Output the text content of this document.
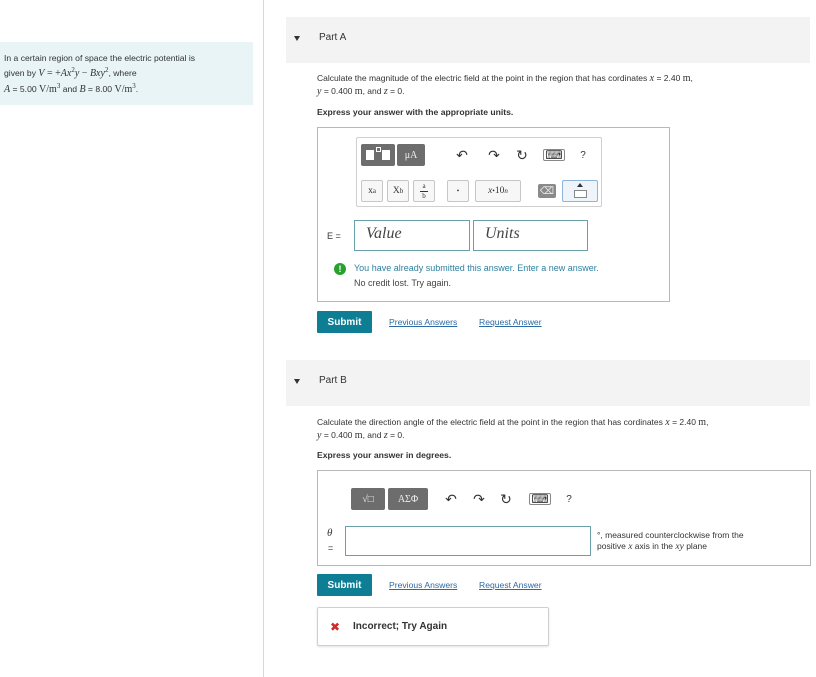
In a certain region of space the electric potential is
given by $V = +Ax^2y - Bxy^2$, where
A = 5.00 $V/m^3$ and B = 8.00 $V/m^3$.
Part A
Calculate the magnitude of the electric field at the point in the region that has cordinates x = 2.40 m,
y = 0.400 m, and z = 0.
Express your answer with the appropriate units.
μA	↶ ↷ ↻ ⌨	?
x a X b
a
b
•	x • 10 n	⌫
E = Value	Units
!	You have already submitted this answer. Enter a new answer.
No credit lost. Try again.
Submit	Previous Answers	Request Answer
Part B
Calculate the direction angle of the electric field at the point in the region that has cordinates x = 2.40 m,
y = 0.400 m, and z = 0.
Express your answer in degrees.
√□	ΑΣΦ	↶ ↷ ↻ ⌨	?
θ
=
°, measured counterclockwise from the
positive x axis in the xy plane
Submit	Previous Answers	Request Answer
✖ Incorrect; Try Again
